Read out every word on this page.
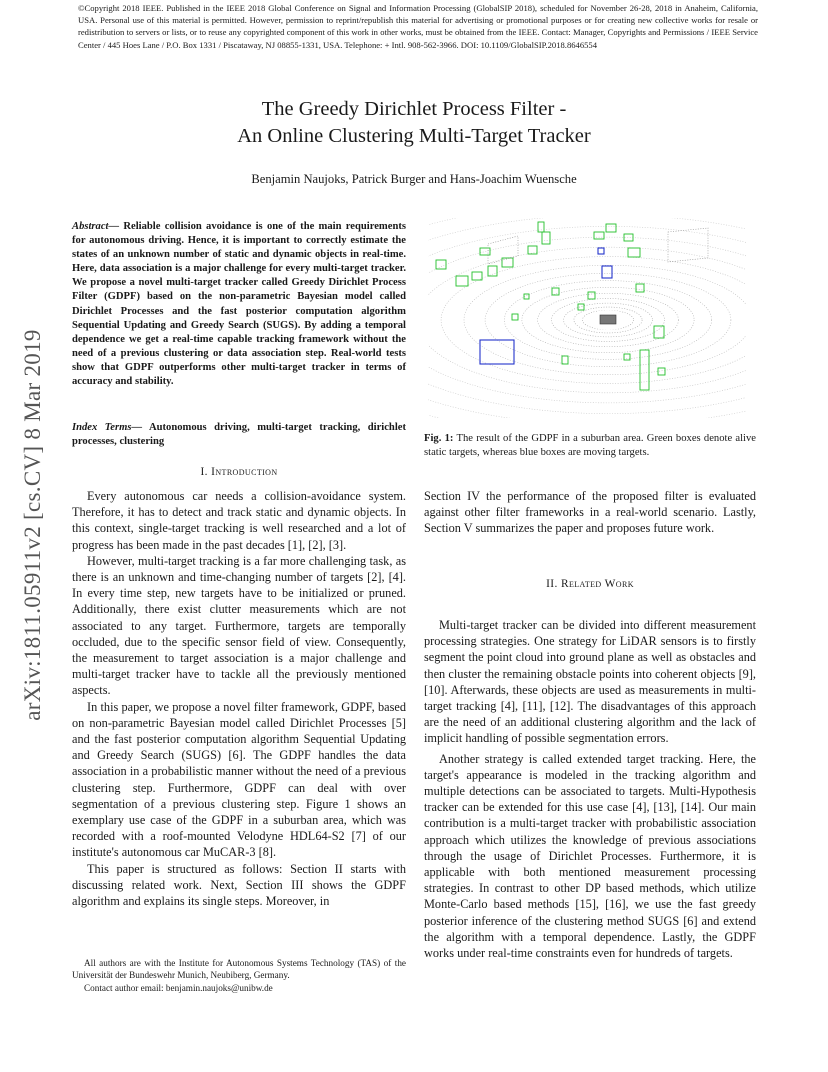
©Copyright 2018 IEEE. Published in the IEEE 2018 Global Conference on Signal and Information Processing (GlobalSIP 2018), scheduled for November 26-28, 2018 in Anaheim, California, USA. Personal use of this material is permitted. However, permission to reprint/republish this material for advertising or promotional purposes or for creating new collective works for resale or redistribution to servers or lists, or to reuse any copyrighted component of this work in other works, must be obtained from the IEEE. Contact: Manager, Copyrights and Permissions / IEEE Service Center / 445 Hoes Lane / P.O. Box 1331 / Piscataway, NJ 08855-1331, USA. Telephone: + Intl. 908-562-3966. DOI: 10.1109/GlobalSIP.2018.8646554
The Greedy Dirichlet Process Filter -
An Online Clustering Multi-Target Tracker
Benjamin Naujoks, Patrick Burger and Hans-Joachim Wuensche
arXiv:1811.05911v2 [cs.CV] 8 Mar 2019
Abstract— Reliable collision avoidance is one of the main requirements for autonomous driving. Hence, it is important to correctly estimate the states of an unknown number of static and dynamic objects in real-time. Here, data association is a major challenge for every multi-target tracker. We propose a novel multi-target tracker called Greedy Dirichlet Process Filter (GDPF) based on the non-parametric Bayesian model called Dirichlet Processes and the fast posterior computation algorithm Sequential Updating and Greedy Search (SUGS). By adding a temporal dependence we get a real-time capable tracking framework without the need of a previous clustering or data association step. Real-world tests show that GDPF outperforms other multi-target tracker in terms of accuracy and stability.
Index Terms— Autonomous driving, multi-target tracking, dirichlet processes, clustering
I. Introduction

Every autonomous car needs a collision-avoidance system. Therefore, it has to detect and track static and dynamic objects. In this context, single-target tracking is well researched and a lot of progress has been made in the past decades [1], [2], [3].

However, multi-target tracking is a far more challenging task, as there is an unknown and time-changing number of targets [2], [4]. In every time step, new targets have to be initialized or pruned. Additionally, there exist clutter measurements which are not associated to any target. Furthermore, targets are temporally occluded, due to the specific sensor field of view. Consequently, the measurement to target association is a major challenge and multi-target tracker have to tackle all the previously mentioned aspects.

In this paper, we propose a novel filter framework, GDPF, based on non-parametric Bayesian model called Dirichlet Processes [5] and the fast posterior computation algorithm Sequential Updating and Greedy Search (SUGS) [6]. The GDPF handles the data association in a probabilistic manner without the need of a previous clustering step. Furthermore, GDPF can deal with over segmentation of a previous clustering step. Figure 1 shows an exemplary use case of the GDPF in a suburban area, which was recorded with a roof-mounted Velodyne HDL64-S2 [7] of our institute's autonomous car MuCAR-3 [8].

This paper is structured as follows: Section II starts with discussing related work. Next, Section III shows the GDPF algorithm and explains its single steps. Moreover, in

All authors are with the Institute for Autonomous Systems Technology (TAS) of the Universität der Bundeswehr Munich, Neubiberg, Germany.
Contact author email: benjamin.naujoks@unibw.de
Fig. 1: The result of the GDPF in a suburban area. Green boxes denote alive static targets, whereas blue boxes are moving targets.

Section IV the performance of the proposed filter is evaluated against other filter frameworks in a real-world scenario. Lastly, Section V summarizes the paper and proposes future work.

II. Related Work

Multi-target tracker can be divided into different measurement processing strategies. One strategy for LiDAR sensors is to firstly segment the point cloud into ground plane as well as obstacles and then cluster the remaining obstacle points into coherent objects [9], [10]. Afterwards, these objects are used as measurements in multi-target tracking [4], [11], [12]. The disadvantages of this approach are the need of an additional clustering algorithm and the lack of implicit handling of possible segmentation errors.

Another strategy is called extended target tracking. Here, the target's appearance is modeled in the tracking algorithm and multiple detections can be associated to targets. Multi-Hypothesis tracker can be extended for this use case [4], [13], [14]. Our main contribution is a multi-target tracker with probabilistic association approach which utilizes the knowledge of previous associations through the usage of Dirichlet Processes. Furthermore, it is applicable with both mentioned measurement processing strategies. In contrast to other DP based methods, which utilize Monte-Carlo based methods [15], [16], we use the fast greedy posterior inference of the clustering method SUGS [6] and extend the algorithm with a temporal dependence. Lastly, the GDPF works under real-time constraints even for hundreds of targets.
